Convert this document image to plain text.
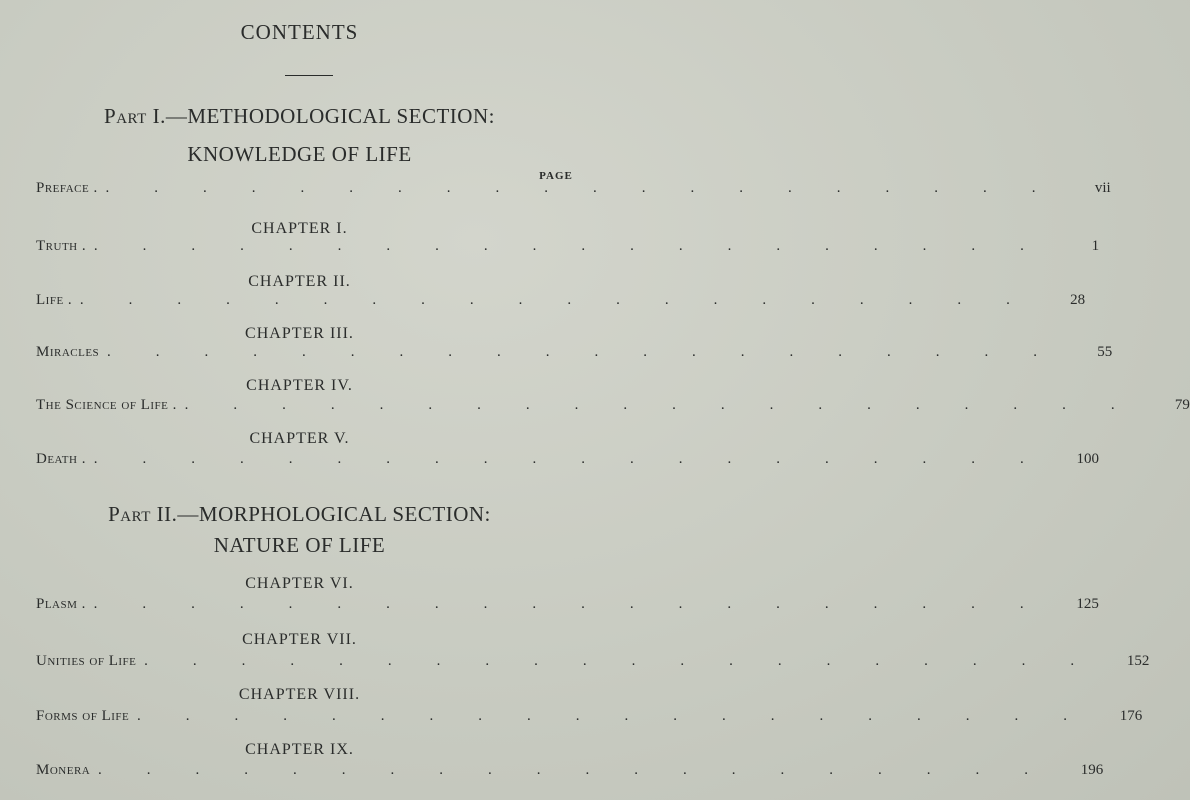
CONTENTS
Part I.—METHODOLOGICAL SECTION:
KNOWLEDGE OF LIFE
PAGE
Preface . .            .            .            .            .            .            .            .            .            .            .            .            .            .            .            .            .            .            .            .	vii
CHAPTER I.
Truth . .            .            .            .            .            .            .            .            .            .            .            .            .            .            .            .            .            .            .            .	1
CHAPTER II.
Life . .            .            .            .            .            .            .            .            .            .            .            .            .            .            .            .            .            .            .            .	28
CHAPTER III.
Miracles .            .            .            .            .            .            .            .            .            .            .            .            .            .            .            .            .            .            .            .	55
CHAPTER IV.
The Science of Life . .            .            .            .            .            .            .            .            .            .            .            .            .            .            .            .            .            .            .            .	79
CHAPTER V.
Death . .            .            .            .            .            .            .            .            .            .            .            .            .            .            .            .            .            .            .            . 100
Part II.—MORPHOLOGICAL SECTION:
NATURE OF LIFE
CHAPTER VI.
Plasm . .            .            .            .            .            .            .            .            .            .            .            .            .            .            .            .            .            .            .            . 125
CHAPTER VII.
Unities of Life .            .            .            .            .            .            .            .            .            .            .            .            .            .            .            .            .            .            .            . 152
CHAPTER VIII.
Forms of Life .            .            .            .            .            .            .            .            .            .            .            .            .            .            .            .            .            .            .            . 176
CHAPTER IX.
Monera .            .            .            .            .            .            .            .            .            .            .            .            .            .            .            .            .            .            .            . 196
